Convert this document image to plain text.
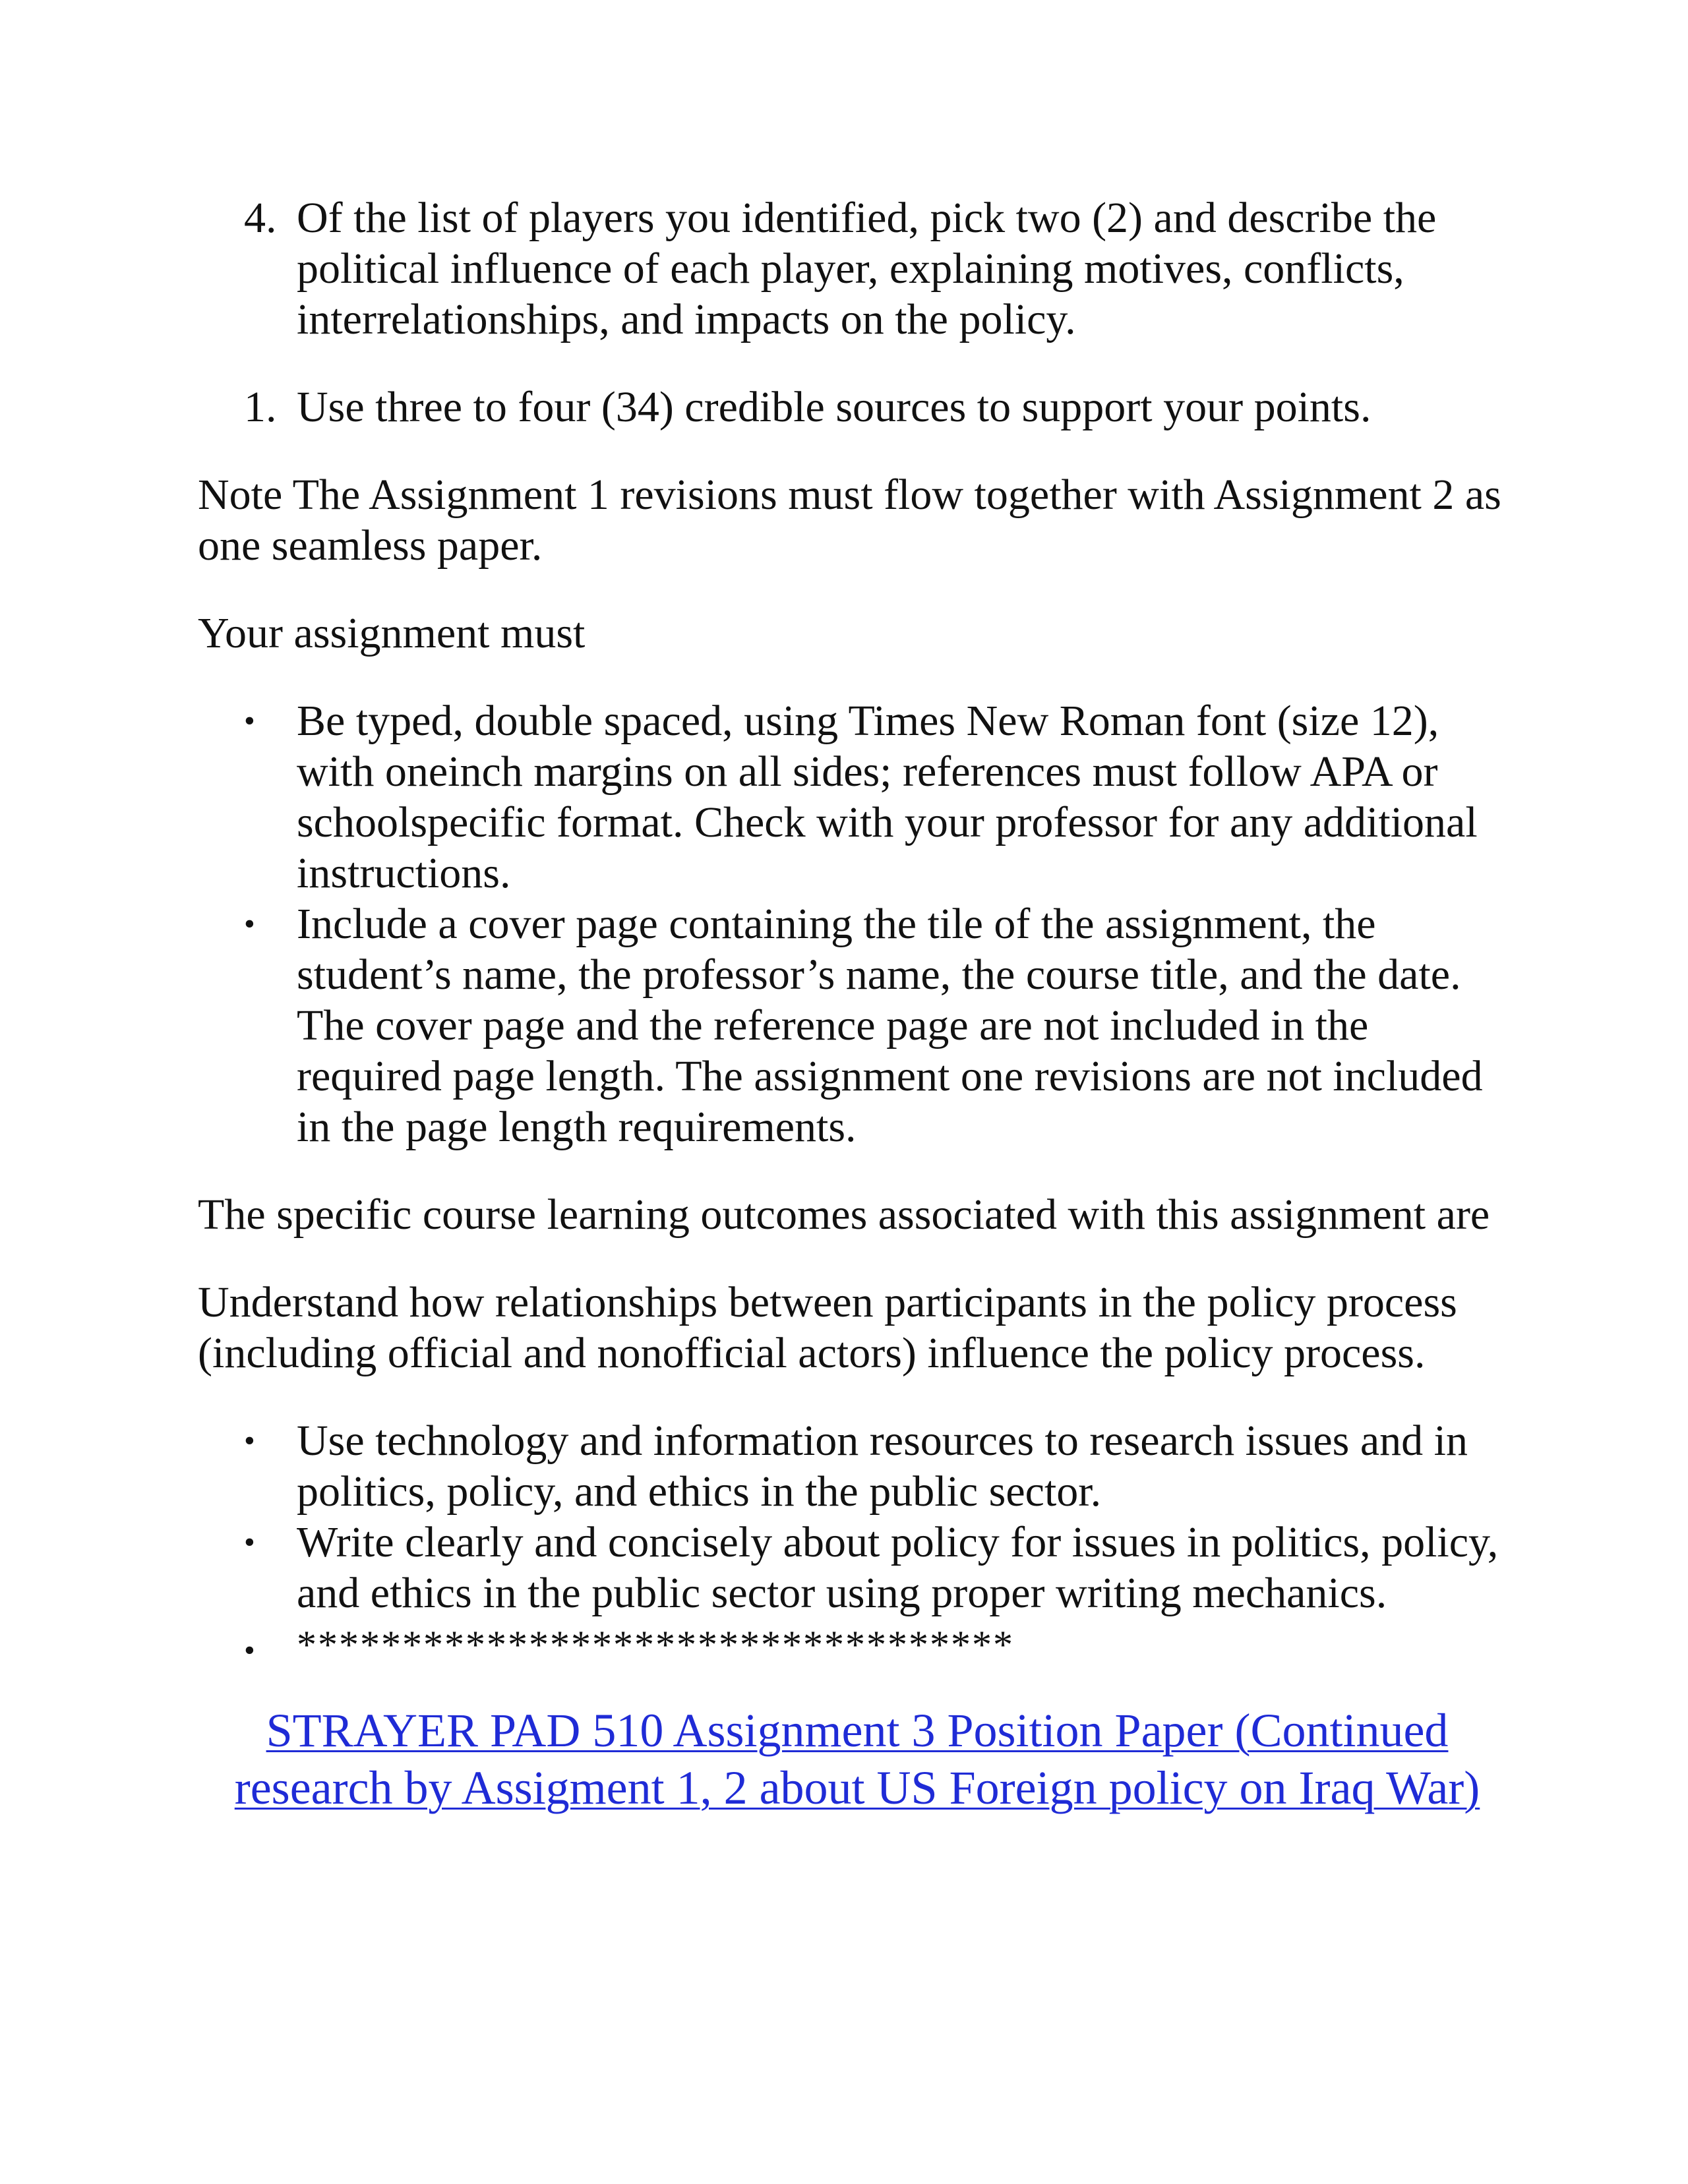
4. Of the list of players you identified, pick two (2) and describe the political influence of each player, explaining motives, conflicts, interrelationships, and impacts on the policy.
1. Use three to four (34) credible sources to support your points.

Note The Assignment 1 revisions must flow together with Assignment 2 as one seamless paper.

Your assignment must

• Be typed, double spaced, using Times New Roman font (size 12), with oneinch margins on all sides; references must follow APA or schoolspecific format. Check with your professor for any additional instructions.
• Include a cover page containing the tile of the assignment, the student’s name, the professor’s name, the course title, and the date. The cover page and the reference page are not included in the required page length. The assignment one revisions are not included in the page length requirements.

The specific course learning outcomes associated with this assignment are

Understand how relationships between participants in the policy process (including official and nonofficial actors) influence the policy process.

• Use technology and information resources to research issues and in politics, policy, and ethics in the public sector.
• Write clearly and concisely about policy for issues in politics, policy, and ethics in the public sector using proper writing mechanics.
• **********************************
STRAYER PAD 510 Assignment 3 Position Paper (Continued research by Assigment 1, 2 about US Foreign policy on Iraq War)
